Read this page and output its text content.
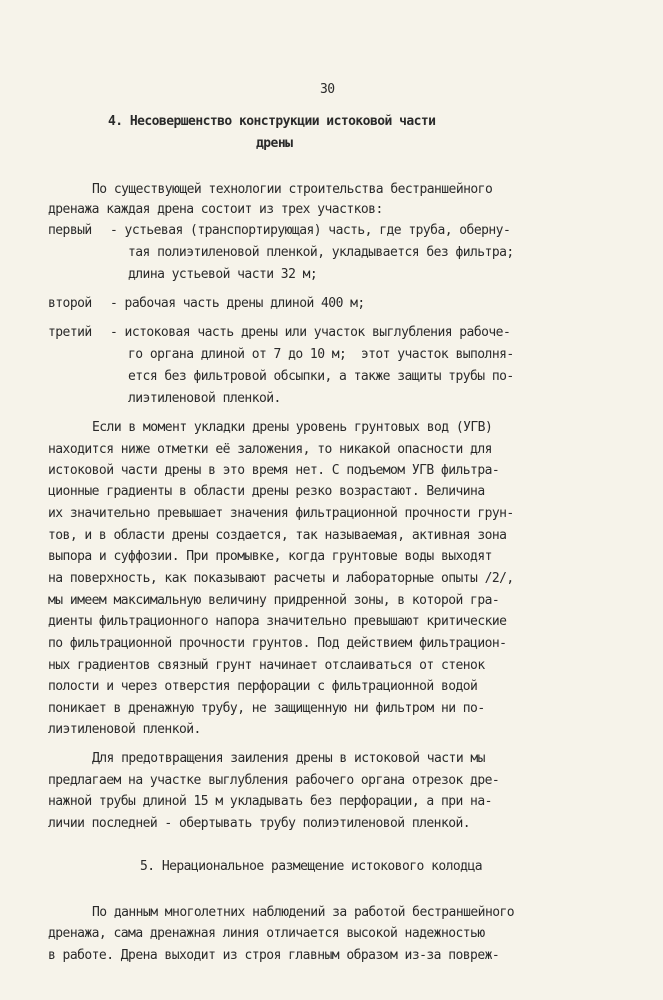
30
4. Несовершенство конструкции истоковой части
дрены
По существующей технологии строительства бестраншейного
дренажа каждая дрена состоит из трех участков:
первый - устьевая (транспортирующая) часть, где труба, оберну-
тая полиэтиленовой пленкой, укладывается без фильтра;
длина устьевой части 32 м;
второй - рабочая часть дрены длиной 400 м;
третий - истоковая часть дрены или участок выглубления рабоче-
го органа длиной от 7 до 10 м;  этот участок выполня-
ется без фильтровой обсыпки, а также защиты трубы по-
лиэтиленовой пленкой.
Если в момент укладки дрены уровень грунтовых вод (УГВ)
находится ниже отметки её заложения, то никакой опасности для
истоковой части дрены в это время нет. С подъемом УГВ фильтра-
ционные градиенты в области дрены резко возрастают. Величина
их значительно превышает значения фильтрационной прочности грун-
тов, и в области дрены создается, так называемая, активная зона
выпора и суффозии. При промывке, когда грунтовые воды выходят
на поверхность, как показывают расчеты и лабораторные опыты /2/,
мы имеем максимальную величину придренной зоны, в которой гра-
диенты фильтрационного напора значительно превышают критические
по фильтрационной прочности грунтов. Под действием фильтрацион-
ных градиентов связный грунт начинает отслаиваться от стенок
полости и через отверстия перфорации с фильтрационной водой
поникает в дренажную трубу, не защищенную ни фильтром ни по-
лиэтиленовой пленкой.
Для предотвращения заиления дрены в истоковой части мы
предлагаем на участке выглубления рабочего органа отрезок дре-
нажной трубы длиной 15 м укладывать без перфорации, а при на-
личии последней - обертывать трубу полиэтиленовой пленкой.
5. Нерациональное размещение истокового колодца
По данным многолетних наблюдений за работой бестраншейного
дренажа, сама дренажная линия отличается высокой надежностью
в работе. Дрена выходит из строя главным образом из-за повреж-
